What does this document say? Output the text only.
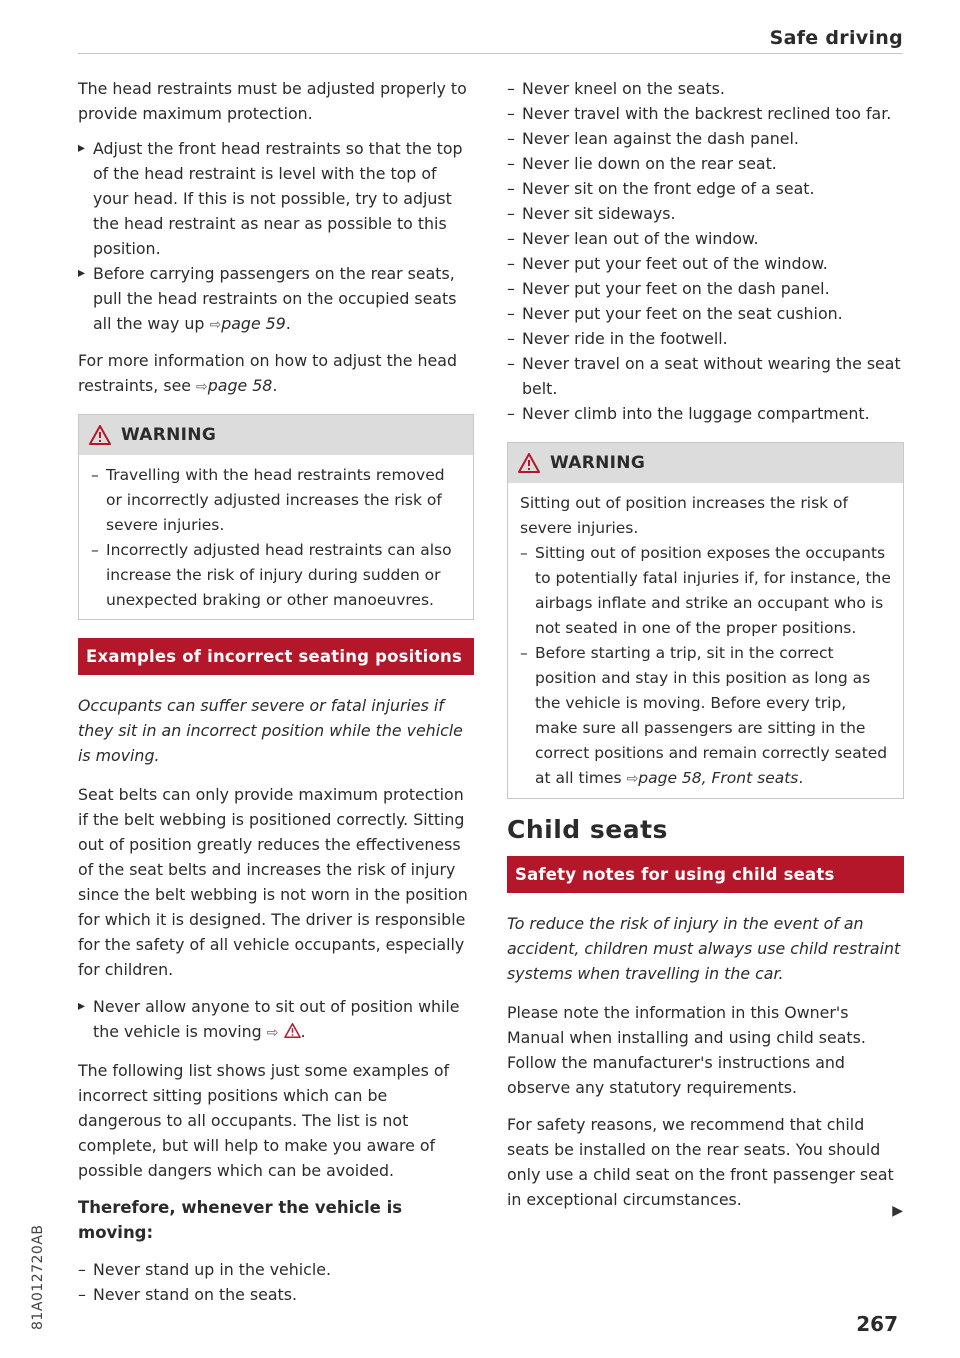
Safe driving
81A012720AB

The head restraints must be adjusted properly to provide maximum protection.

▸ Adjust the front head restraints so that the top of the head restraint is level with the top of your head. If this is not possible, try to adjust the head restraint as near as possible to this position.
▸ Before carrying passengers on the rear seats, pull the head restraints on the occupied seats all the way up ⇨page 59.

For more information on how to adjust the head restraints, see ⇨page 58.

WARNING
– Travelling with the head restraints removed or incorrectly adjusted increases the risk of severe injuries.
– Incorrectly adjusted head restraints can also increase the risk of injury during sudden or unexpected braking or other manoeuvres.
Examples of incorrect seating positions

Occupants can suffer severe or fatal injuries if they sit in an incorrect position while the vehicle is moving.

Seat belts can only provide maximum protection if the belt webbing is positioned correctly. Sitting out of position greatly reduces the effectiveness of the seat belts and increases the risk of injury since the belt webbing is not worn in the position for which it is designed. The driver is responsible for the safety of all vehicle occupants, especially for children.

▸ Never allow anyone to sit out of position while the vehicle is moving ⇨ .

The following list shows just some examples of incorrect sitting positions which can be dangerous to all occupants. The list is not complete, but will help to make you aware of possible dangers which can be avoided.

Therefore, whenever the vehicle is moving:
– Never stand up in the vehicle.
– Never stand on the seats.
– Never kneel on the seats.
– Never travel with the backrest reclined too far.
– Never lean against the dash panel.
– Never lie down on the rear seat.
– Never sit on the front edge of a seat.
– Never sit sideways.
– Never lean out of the window.
– Never put your feet out of the window.
– Never put your feet on the dash panel.
– Never put your feet on the seat cushion.
– Never ride in the footwell.
– Never travel on a seat without wearing the seat belt.
– Never climb into the luggage compartment.
WARNING

Sitting out of position increases the risk of severe injuries.

– Sitting out of position exposes the occupants to potentially fatal injuries if, for instance, the airbags inflate and strike an occupant who is not seated in one of the proper positions.
– Before starting a trip, sit in the correct position and stay in this position as long as the vehicle is moving. Before every trip, make sure all passengers are sitting in the correct positions and remain correctly seated at all times ⇨page 58, Front seats.
Child seats
Safety notes for using child seats

To reduce the risk of injury in the event of an accident, children must always use child restraint systems when travelling in the car.

Please note the information in this Owner's Manual when installing and using child seats. Follow the manufacturer's instructions and observe any statutory requirements.

For safety reasons, we recommend that child seats be installed on the rear seats. You should only use a child seat on the front passenger seat in exceptional circumstances.

▶
267
